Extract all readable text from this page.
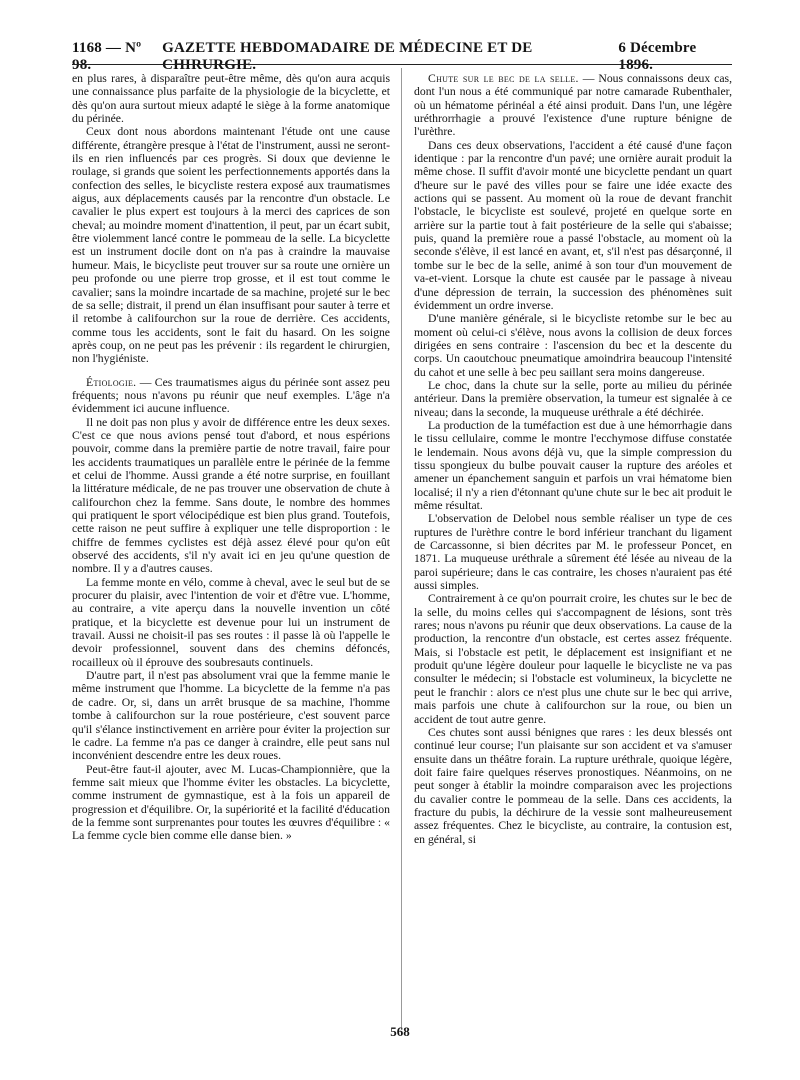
1168 — Nº 98.
GAZETTE HEBDOMADAIRE DE MÉDECINE ET DE CHIRURGIE.
6 Décembre 1896.

en plus rares, à disparaître peut-être même, dès qu'on aura acquis une connaissance plus parfaite de la physiologie de la bicyclette, et dès qu'on aura surtout mieux adapté le siège à la forme anatomique du périnée.

Ceux dont nous abordons maintenant l'étude ont une cause différente, étrangère presque à l'état de l'instrument, aussi ne seront-ils en rien influencés par ces progrès. Si doux que devienne le roulage, si grands que soient les perfectionnements apportés dans la confection des selles, le bicycliste restera exposé aux traumatismes aigus, aux déplacements causés par la rencontre d'un obstacle. Le cavalier le plus expert est toujours à la merci des caprices de son cheval; au moindre moment d'inattention, il peut, par un écart subit, être violemment lancé contre le pommeau de la selle. La bicyclette est un instrument docile dont on n'a pas à craindre la mauvaise humeur. Mais, le bicycliste peut trouver sur sa route une ornière un peu profonde ou une pierre trop grosse, et il est tout comme le cavalier; sans la moindre incartade de sa machine, projeté sur le bec de sa selle; distrait, il prend un élan insuffisant pour sauter à terre et il retombe à califourchon sur la roue de derrière. Ces accidents, comme tous les accidents, sont le fait du hasard. On les soigne après coup, on ne peut pas les prévenir : ils regardent le chirurgien, non l'hygiéniste.

Étiologie. — Ces traumatismes aigus du périnée sont assez peu fréquents; nous n'avons pu réunir que neuf exemples. L'âge n'a évidemment ici aucune influence.

Il ne doit pas non plus y avoir de différence entre les deux sexes. C'est ce que nous avions pensé tout d'abord, et nous espérions pouvoir, comme dans la première partie de notre travail, faire pour les accidents traumatiques un parallèle entre le périnée de la femme et celui de l'homme. Aussi grande a été notre surprise, en fouillant la littérature médicale, de ne pas trouver une observation de chute à califourchon chez la femme. Sans doute, le nombre des hommes qui pratiquent le sport vélocipédique est bien plus grand. Toutefois, cette raison ne peut suffire à expliquer une telle disproportion : le chiffre de femmes cyclistes est déjà assez élevé pour qu'on eût observé des accidents, s'il n'y avait ici en jeu qu'une question de nombre. Il y a d'autres causes.

La femme monte en vélo, comme à cheval, avec le seul but de se procurer du plaisir, avec l'intention de voir et d'être vue. L'homme, au contraire, a vite aperçu dans la nouvelle invention un côté pratique, et la bicyclette est devenue pour lui un instrument de travail. Aussi ne choisit-il pas ses routes : il passe là où l'appelle le devoir professionnel, souvent dans des chemins défoncés, rocailleux où il éprouve des soubresauts continuels.

D'autre part, il n'est pas absolument vrai que la femme manie le même instrument que l'homme. La bicyclette de la femme n'a pas de cadre. Or, si, dans un arrêt brusque de sa machine, l'homme tombe à califourchon sur la roue postérieure, c'est souvent parce qu'il s'élance instinctivement en arrière pour éviter la projection sur le cadre. La femme n'a pas ce danger à craindre, elle peut sans nul inconvénient descendre entre les deux roues.

Peut-être faut-il ajouter, avec M. Lucas-Championnière, que la femme sait mieux que l'homme éviter les obstacles. La bicyclette, comme instrument de gymnastique, est à la fois un appareil de progression et d'équilibre. Or, la supériorité et la facilité d'éducation de la femme sont surprenantes pour toutes les œuvres d'équilibre : « La femme cycle bien comme elle danse bien. »

Chute sur le bec de la selle. — Nous connaissons deux cas, dont l'un nous a été communiqué par notre camarade Rubenthaler, où un hématome périnéal a été ainsi produit. Dans l'un, une légère uréthrorrhagie a prouvé l'existence d'une rupture bénigne de l'urèthre.

Dans ces deux observations, l'accident a été causé d'une façon identique : par la rencontre d'un pavé; une ornière aurait produit la même chose. Il suffit d'avoir monté une bicyclette pendant un quart d'heure sur le pavé des villes pour se faire une idée exacte des actions qui se passent. Au moment où la roue de devant franchit l'obstacle, le bicycliste est soulevé, projeté en quelque sorte en arrière sur la partie tout à fait postérieure de la selle qui s'abaisse; puis, quand la première roue a passé l'obstacle, au moment où la seconde s'élève, il est lancé en avant, et, s'il n'est pas désarçonné, il tombe sur le bec de la selle, animé à son tour d'un mouvement de va-et-vient. Lorsque la chute est causée par le passage à niveau d'une dépression de terrain, la succession des phénomènes suit évidemment un ordre inverse.

D'une manière générale, si le bicycliste retombe sur le bec au moment où celui-ci s'élève, nous avons la collision de deux forces dirigées en sens contraire : l'ascension du bec et la descente du corps. Un caoutchouc pneumatique amoindrira beaucoup l'intensité du cahot et une selle à bec peu saillant sera moins dangereuse.

Le choc, dans la chute sur la selle, porte au milieu du périnée antérieur. Dans la première observation, la tumeur est signalée à ce niveau; dans la seconde, la muqueuse uréthrale a été déchirée.

La production de la tuméfaction est due à une hémorrhagie dans le tissu cellulaire, comme le montre l'ecchymose diffuse constatée le lendemain. Nous avons déjà vu, que la simple compression du tissu spongieux du bulbe pouvait causer la rupture des aréoles et amener un épanchement sanguin et parfois un vrai hématome bien localisé; il n'y a rien d'étonnant qu'une chute sur le bec ait produit le même résultat.

L'observation de Delobel nous semble réaliser un type de ces ruptures de l'urèthre contre le bord inférieur tranchant du ligament de Carcassonne, si bien décrites par M. le professeur Poncet, en 1871. La muqueuse uréthrale a sûrement été lésée au niveau de la paroi supérieure; dans le cas contraire, les choses n'auraient pas été aussi simples.

Contrairement à ce qu'on pourrait croire, les chutes sur le bec de la selle, du moins celles qui s'accompagnent de lésions, sont très rares; nous n'avons pu réunir que deux observations. La cause de la production, la rencontre d'un obstacle, est certes assez fréquente. Mais, si l'obstacle est petit, le déplacement est insignifiant et ne produit qu'une légère douleur pour laquelle le bicycliste ne va pas consulter le médecin; si l'obstacle est volumineux, la bicyclette ne peut le franchir : alors ce n'est plus une chute sur le bec qui arrive, mais parfois une chute à califourchon sur la roue, ou bien un accident de tout autre genre.

Ces chutes sont aussi bénignes que rares : les deux blessés ont continué leur course; l'un plaisante sur son accident et va s'amuser ensuite dans un théâtre forain. La rupture uréthrale, quoique légère, doit faire faire quelques réserves pronostiques. Néanmoins, on ne peut songer à établir la moindre comparaison avec les projections du cavalier contre le pommeau de la selle. Dans ces accidents, la fracture du pubis, la déchirure de la vessie sont malheureusement assez fréquentes. Chez le bicycliste, au contraire, la contusion est, en général, si

568
